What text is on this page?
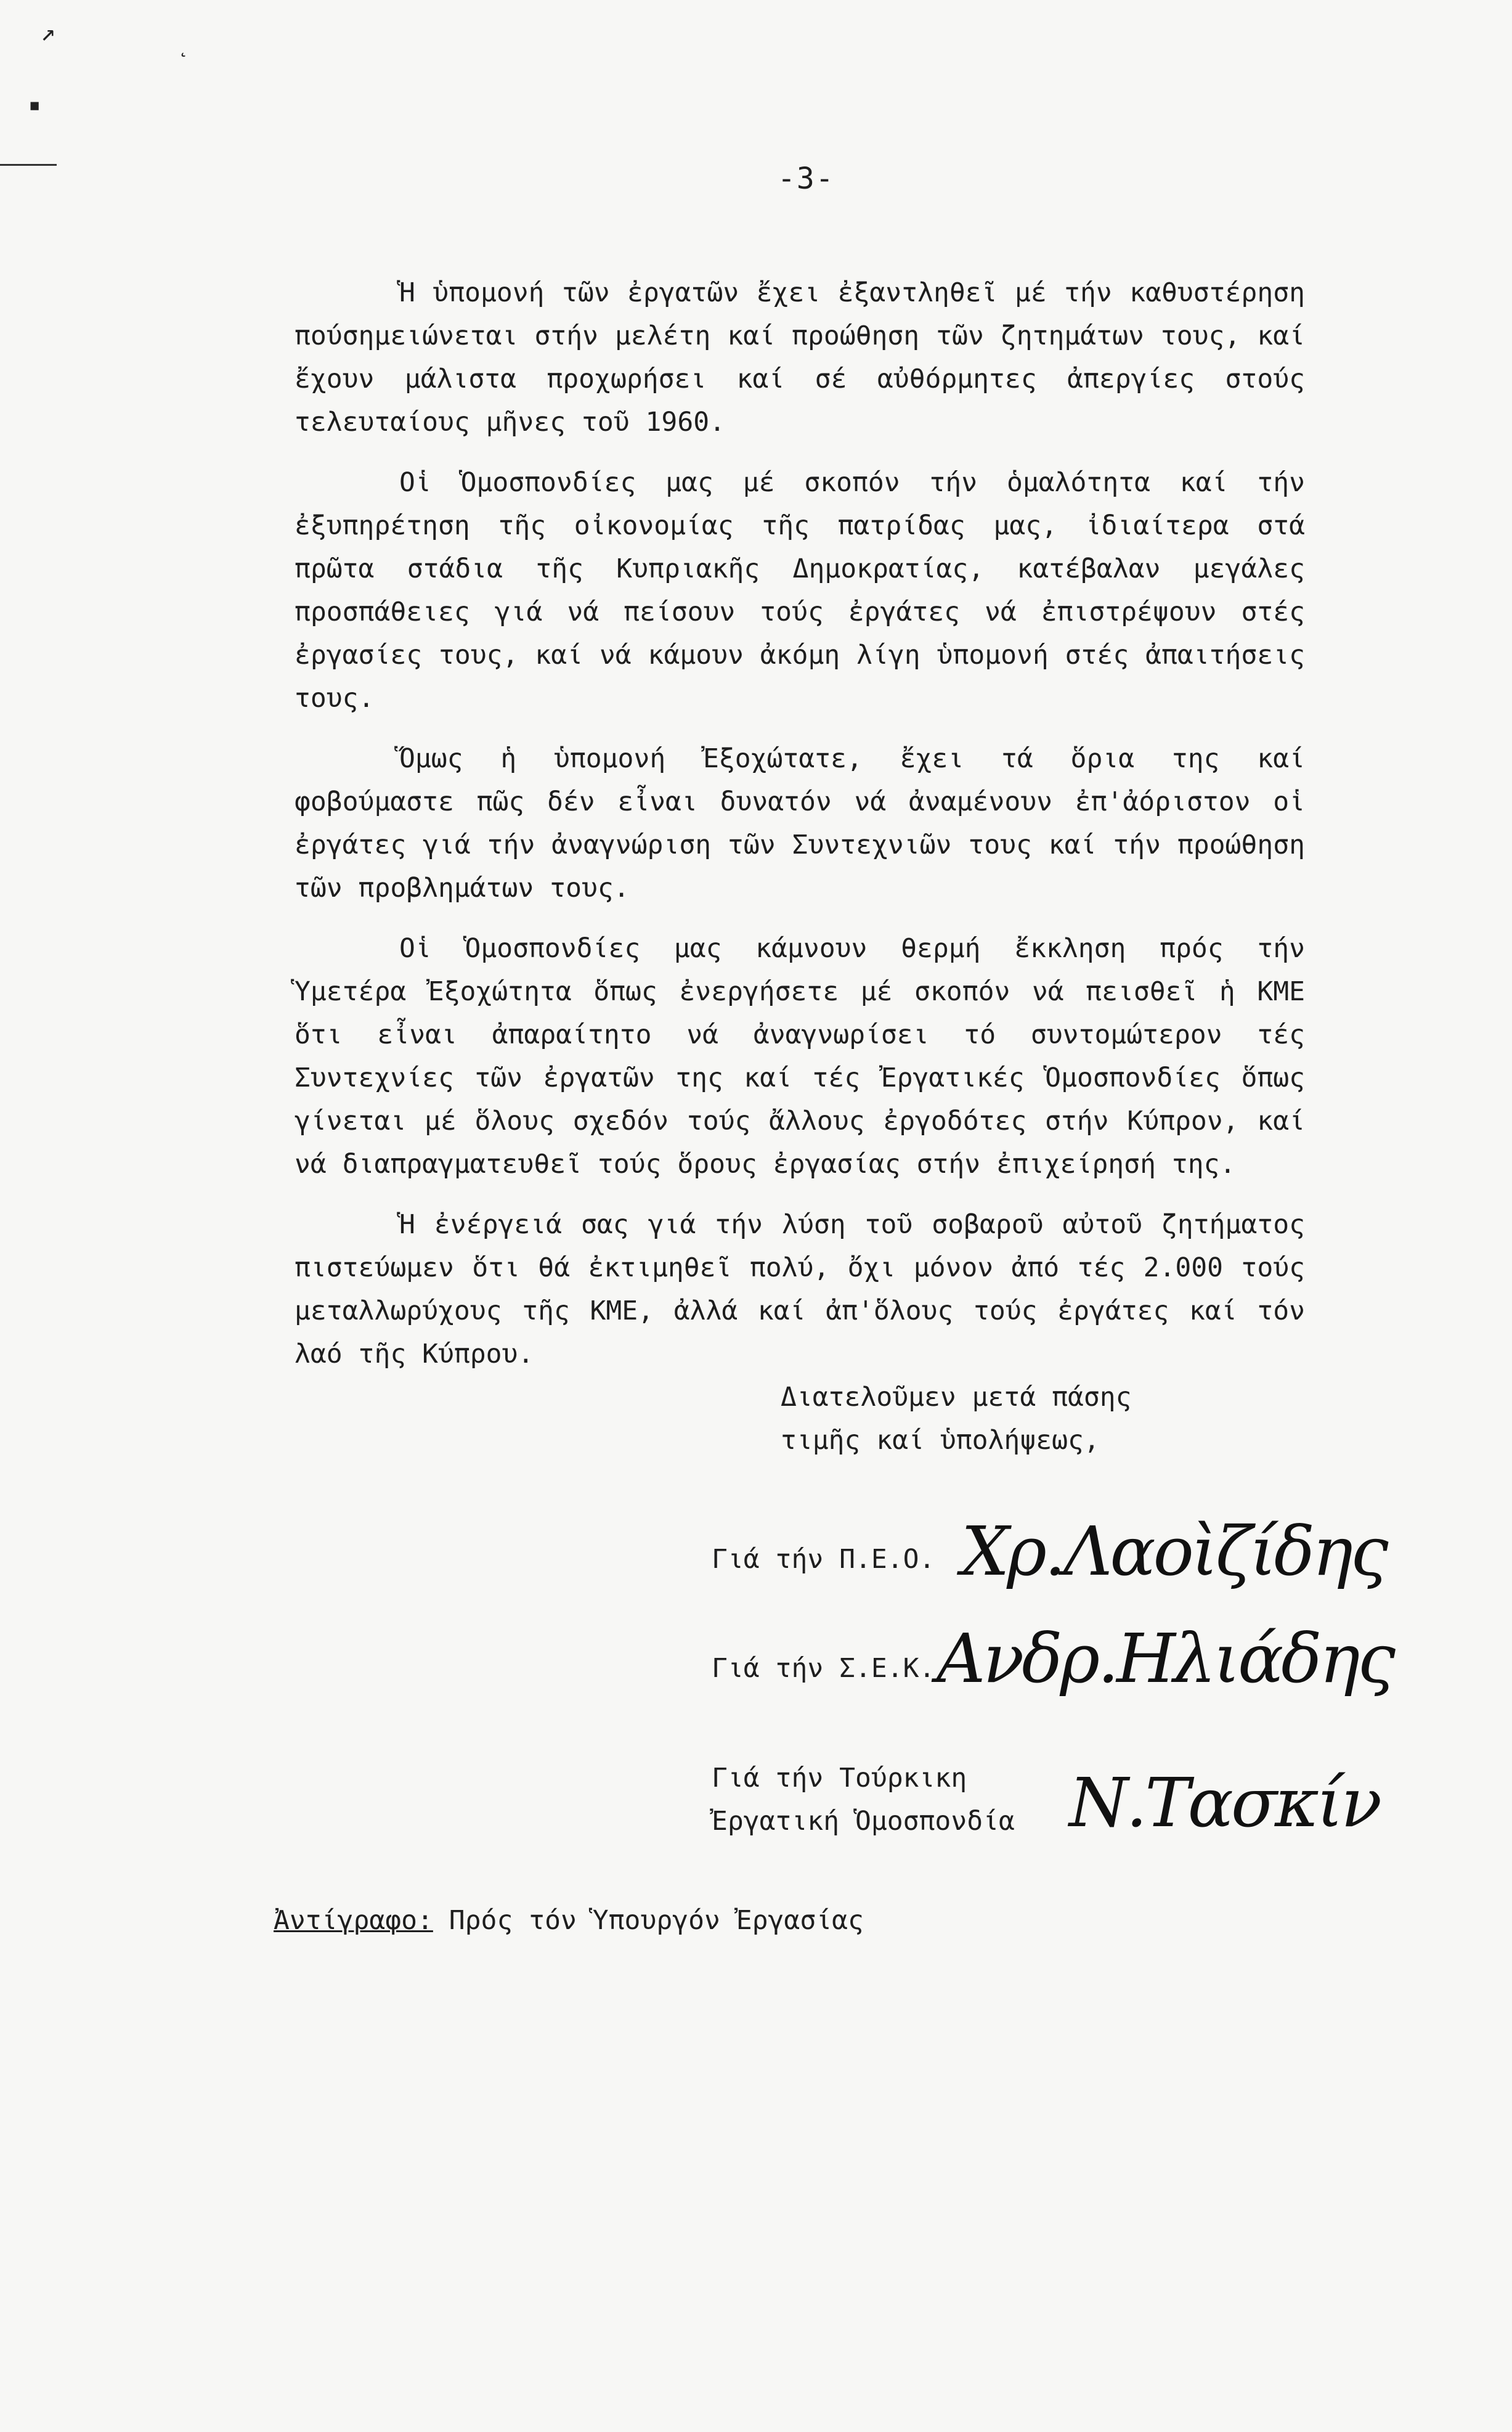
↗	˛
▪
-3-

Ἡ ὑπομονή τῶν ἐργατῶν ἔχει ἐξαντληθεῖ μέ τήν καθυστέρηση πούσημειώνεται στήν μελέτη καί προώθηση τῶν ζητημάτων τους, καί ἔχουν μάλιστα προχωρήσει καί σέ αὐθόρμητες ἀπεργίες στούς τελευταίους μῆνες τοῦ 1960.

Οἱ Ὁμοσπονδίες μας μέ σκοπόν τήν ὁμαλότητα καί τήν ἐξυπηρέτηση τῆς οἰκονομίας τῆς πατρίδας μας, ἰδιαίτερα στά πρῶτα στάδια τῆς Κυπριακῆς Δημοκρατίας, κατέβαλαν μεγάλες προσπάθειες γιά νά πείσουν τούς ἐργάτες νά ἐπιστρέψουν στές ἐργασίες τους, καί νά κάμουν ἀκόμη λίγη ὑπομονή στές ἀπαιτήσεις τους.

Ὅμως ἡ ὑπομονή Ἐξοχώτατε, ἔχει τά ὅρια της καί φοβούμαστε πῶς δέν εἶναι δυνατόν νά ἀναμένουν ἐπ'ἀόριστον οἱ ἐργάτες γιά τήν ἀναγνώριση τῶν Συντεχνιῶν τους καί τήν προώθηση τῶν προβλημάτων τους.

Οἱ Ὁμοσπονδίες μας κάμνουν θερμή ἔκκληση πρός τήν Ὑμετέρα Ἐξοχώτητα ὅπως ἐνεργήσετε μέ σκοπόν νά πεισθεῖ ἡ ΚΜΕ ὅτι εἶναι ἀπαραίτητο νά ἀναγνωρίσει τό συντομώτερον τές Συντεχνίες τῶν ἐργατῶν της καί τές Ἐργατικές Ὁμοσπονδίες ὅπως γίνεται μέ ὅλους σχεδόν τούς ἄλλους ἐργοδότες στήν Κύπρον, καί νά διαπραγματευθεῖ τούς ὅρους ἐργασίας στήν ἐπιχείρησή της.

Ἡ ἐνέργειά σας γιά τήν λύση τοῦ σοβαροῦ αὐτοῦ ζητήματος πιστεύωμεν ὅτι θά ἐκτιμηθεῖ πολύ, ὄχι μόνον ἀπό τές 2.000 τούς μεταλλωρύχους τῆς ΚΜΕ, ἀλλά καί ἀπ'ὅλους τούς ἐργάτες καί τόν λαό τῆς Κύπρου.

Διατελοῦμεν μετά πάσης
τιμῆς καί ὑπολήψεως,
Γιά τήν Π.Ε.Ο. Χρ.Λαοὶζίδης
Γιά τήν Σ.Ε.Κ. Ανδρ.Ηλιάδης
Γιά τήν Τούρκικη
Ἐργατική Ὁμοσπονδία Ν.Τασκίν
Ἀντίγραφο: Πρός τόν Ὑπουργόν Ἐργασίας
